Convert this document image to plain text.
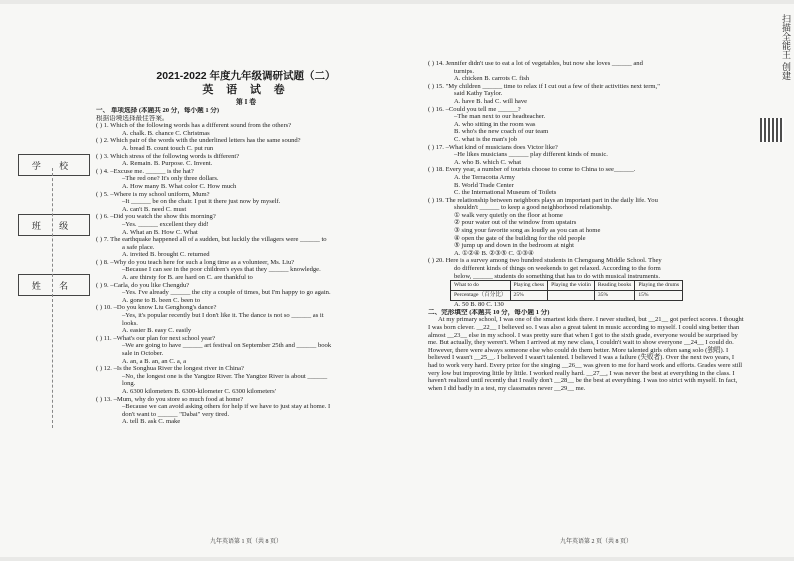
学 校
班 级
姓 名
2021-2022 年度九年级调研试题（二）
英 语 试 卷
第 I 卷
一、 单项选择 (本题共 20 分，每小题 1 分)
根据语境选择最佳答案。
( ) 1. Which of the following words has a different sound from the others?
A. chalk. B. chance C. Christmas
( ) 2. Which pair of the words with the underlined letters has the same sound?
A. bread B. count touch C. put run
( ) 3. Which stress of the following words is different?
A. Remain. B. Purpose. C. Invent.
( ) 4. –Excuse me. ______ is the hat?
–The red one? It's only three dollars.
A. How many B. What color C. How much
( ) 5. –Where is my school uniform, Mum?
–It ______ be on the chair. I put it there just now by myself.
A. can't B. need C. must
( ) 6. –Did you watch the show this morning?
–Yes. ______ excellent they did!
A. What an B. How C. What
( ) 7. The earthquake happened all of a sudden, but luckily the villagers were ______ to
a safe place.
A. invited B. brought C. returned
( ) 8. –Why do you teach here for such a long time as a volunteer, Ms. Liu?
–Because I can see in the poor children's eyes that they ______ knowledge.
A. are thirsty for B. are hard on C. are thankful to
( ) 9. –Carla, do you like Chengdu?
–Yes. I've already ______ the city a couple of times, but I'm happy to go again.
A. gone to B. been C. been to
( ) 10. –Do you know Liu Genghong's dance?
–Yes, it's popular recently but I don't like it. The dance is not so ______ as it
looks.
A. easier B. easy C. easily
( ) 11. –What's our plan for next school year?
–We are going to have ______ art festival on September 25th and ______ book
sale in October.
A. an, a B. an, an C. a, a
( ) 12. –Is the Songhua River the longest river in China?
–No, the longest one is the Yangtze River. The Yangtze River is about ______
long.
A. 6300 kilometers B. 6300-kilometer C. 6300 kilometers'
( ) 13. –Mum, why do you store so much food at home?
–Because we can avoid asking others for help if we have to just stay at home. I
don't want to ______ "Dabai" very tired.
A. tell B. ask C. make
( ) 14. Jennifer didn't use to eat a lot of vegetables, but now she loves ______ and
turnips.
A. chicken B. carrots C. fish
( ) 15. "My children ______ time to relax if I cut out a few of their activities next term,"
said Kathy Taylor.
A. have B. had C. will have
( ) 16. –Could you tell me ______?
–The man next to our headteacher.
A. who sitting in the room was
B. who's the new coach of our team
C. what is the man's job
( ) 17. –What kind of musicians does Victor like?
–He likes musicians ______ play different kinds of music.
A. who B. which C. what
( ) 18. Every year, a number of tourists choose to come to China to see______.
A. the Terracotta Army
B. World Trade Center
C. the International Museum of Toilets
( ) 19. The relationship between neighbors plays an important part in the daily life. You
shouldn't ______ to keep a good neighborhood relationship.
① walk very quietly on the floor at home
② pour water out of the window from upstairs
③ sing your favorite song as loudly as you can at home
④ open the gate of the building for the old people
⑤ jump up and down in the bedroom at night
A. ①②④ B. ②③⑤ C. ①③④
( ) 20. Here is a survey among two hundred students in Chenguang Middle School. They
do different kinds of things on weekends to get relaxed. According to the form
below, ______ students do something that has to do with musical instruments.
What to do	Playing chess	Playing the violin	Reading books	Playing the drums
Percentage（百分比）	25%		35%	15%
A. 50 B. 80 C. 130
二、完形填空 (本题共 10 分，每小题 1 分)
At my primary school, I was one of the smartest kids there. I never studied, but __21__ got perfect scores. I thought I was born clever. __22__ I believed so. I was also a great talent in music according to myself. I could sing better than almost __23__ else in my school. I was pretty sure that when I got to the sixth grade, everyone would be surprised by me. But actually, they weren't. When I arrived at my new class, I couldn't wait to show everyone __24__ I could do. However, there were always someone else who could do them better. More talented girls often sang solo (独唱). I believed I wasn't __25__. I believed I wasn't talented. I believed I was a failure (失败者). Over the next two years, I had to work very hard. Every prize for the singing __26__ was given to me for hard work and efforts. Grades were still very low but improving little by little. I worked really hard. __27__, I was never the best at everything in the class. I haven't realized until recently that I really don't __28__ be the best at everything. I was too strict with myself. In fact, when I did badly in a test, my classmates never __29__ me.
九年英语第 1 页（共 8 页）	九年英语第 2 页（共 8 页）
扫描全能王 创建
